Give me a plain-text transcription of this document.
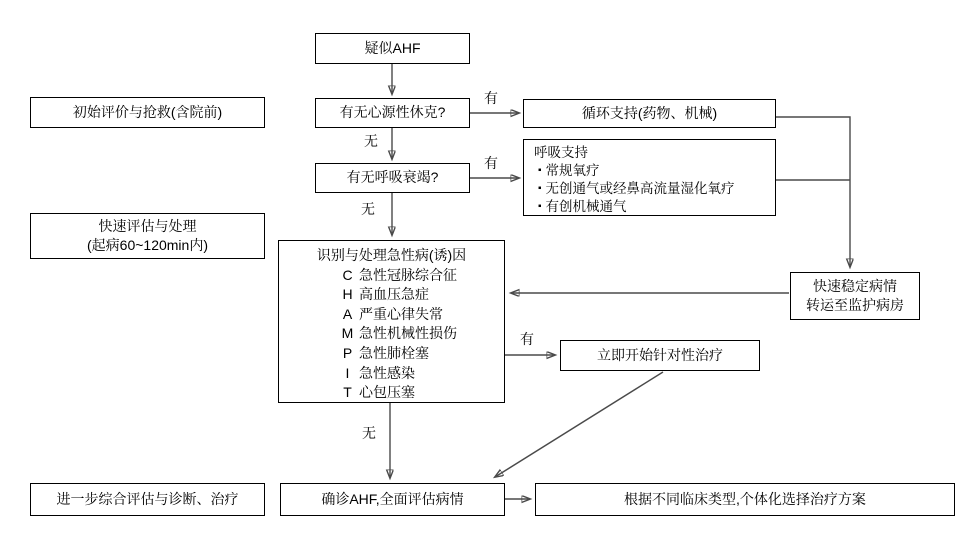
疑似AHF
初始评价与抢救(含院前)	有无心源性休克?	循环支持(药物、机械)
有无呼吸衰竭?
呼吸支持
▪ 常规氧疗
▪ 无创通气或经鼻高流量湿化氧疗
▪ 有创机械通气
快速评估与处理
(起病60~120min内)
识别与处理急性病(诱)因
C 急性冠脉综合征
H 高血压急症
A 严重心律失常
M 急性机械性损伤
P 急性肺栓塞
I 急性感染
T 心包压塞
快速稳定病情
转运至监护病房
立即开始针对性治疗
进一步综合评估与诊断、治疗	确诊AHF,全面评估病情	根据不同临床类型,个体化选择治疗方案
有
无
有
无
有
无
